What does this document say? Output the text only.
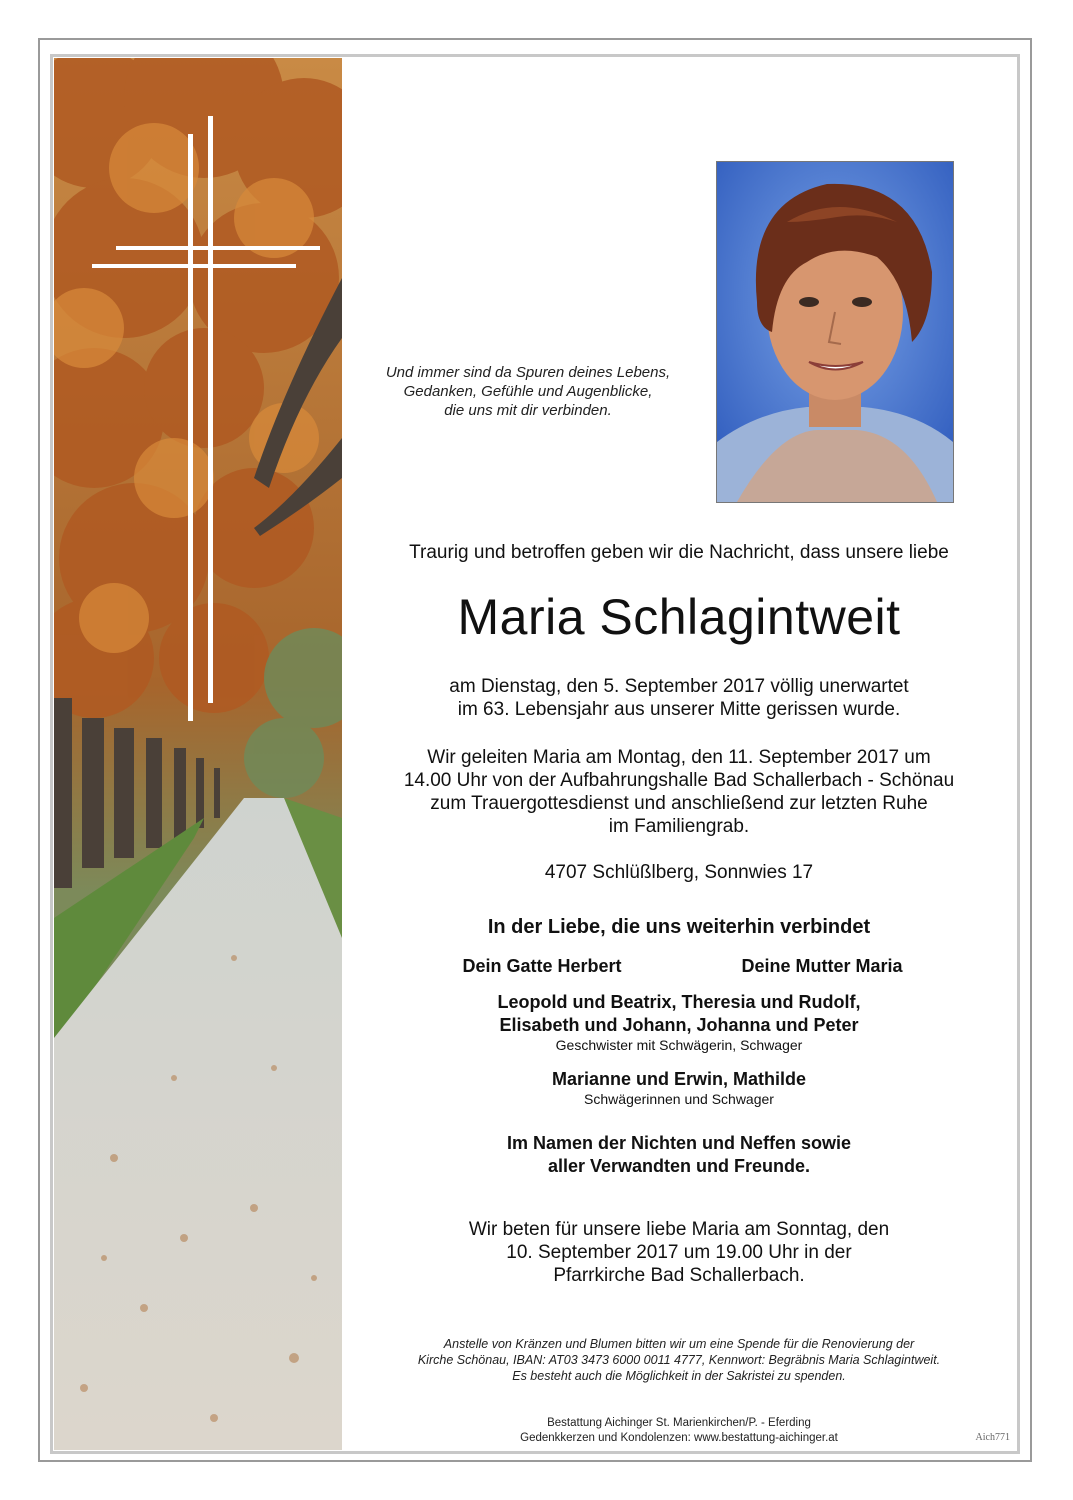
Und immer sind da Spuren deines Lebens,
Gedanken, Gefühle und Augenblicke,
die uns mit dir verbinden.
Traurig und betroffen geben wir die Nachricht, dass unsere liebe
Maria Schlagintweit
am Dienstag, den 5. September 2017 völlig unerwartet
im 63. Lebensjahr aus unserer Mitte gerissen wurde.
Wir geleiten Maria am Montag, den 11. September 2017 um
14.00 Uhr von der Aufbahrungshalle Bad Schallerbach - Schönau
zum Trauergottesdienst und anschließend zur letzten Ruhe
im Familiengrab.
4707 Schlüßlberg, Sonnwies 17
In der Liebe, die uns weiterhin verbindet
Dein Gatte Herbert	Deine Mutter Maria
Leopold und Beatrix, Theresia und Rudolf,
Elisabeth und Johann, Johanna und Peter
Geschwister mit Schwägerin, Schwager
Marianne und Erwin, Mathilde
Schwägerinnen und Schwager
Im Namen der Nichten und Neffen sowie
aller Verwandten und Freunde.
Wir beten für unsere liebe Maria am Sonntag, den
10. September 2017 um 19.00 Uhr in der
Pfarrkirche Bad Schallerbach.
Anstelle von Kränzen und Blumen bitten wir um eine Spende für die Renovierung der
Kirche Schönau, IBAN: AT03 3473 6000 0011 4777, Kennwort: Begräbnis Maria Schlagintweit.
Es besteht auch die Möglichkeit in der Sakristei zu spenden.
Bestattung Aichinger St. Marienkirchen/P. - Eferding
Gedenkkerzen und Kondolenzen: www.bestattung-aichinger.at	Aich771
